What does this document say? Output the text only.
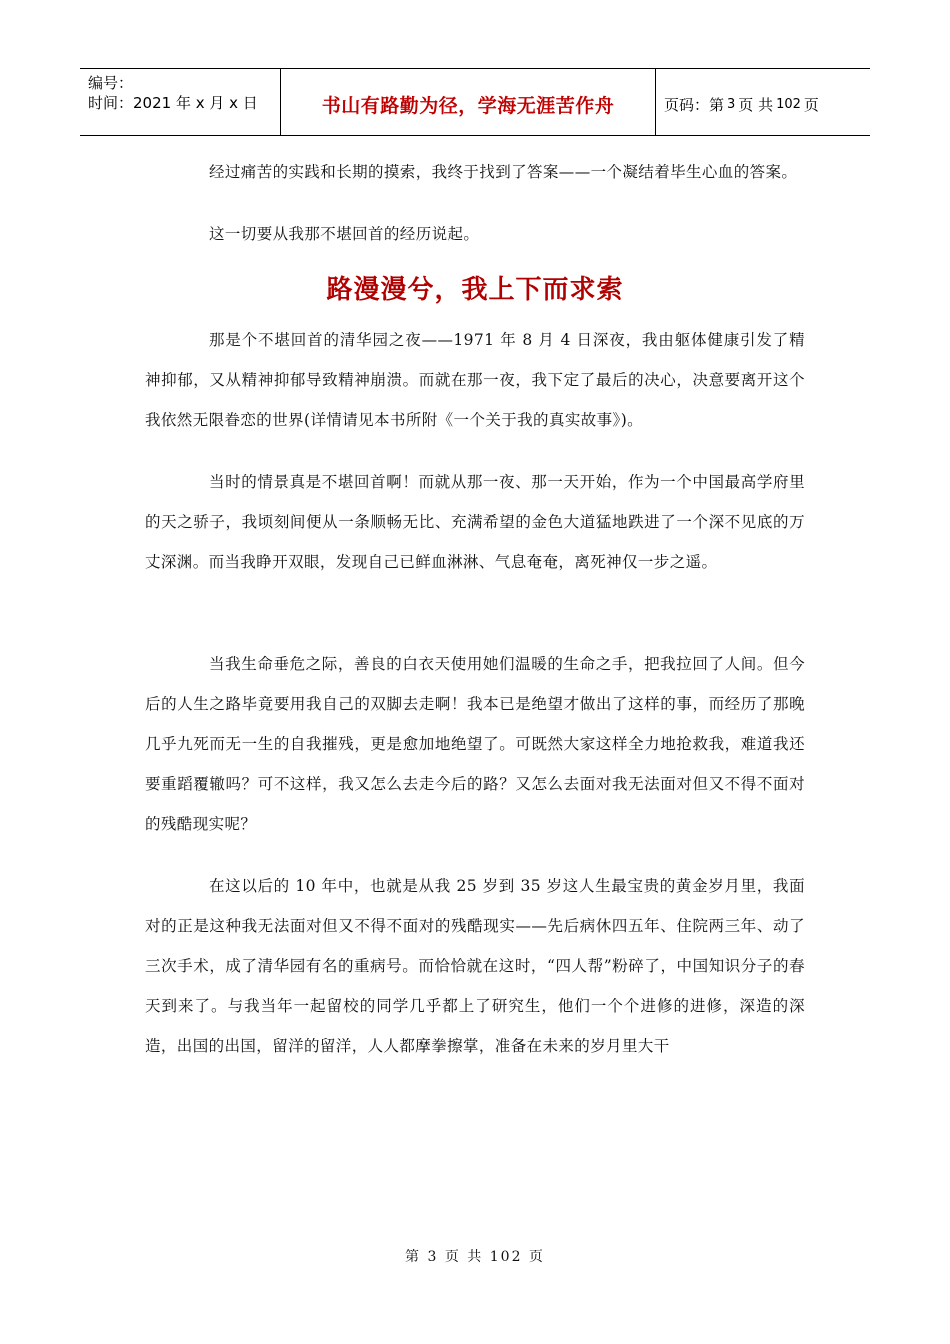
编号：
时间：2021 年 x 月 x 日	书山有路勤为径，学海无涯苦作舟	页码：第 3 页 共 102 页

经过痛苦的实践和长期的摸索，我终于找到了答案——一个凝结着毕生心血的答案。

这一切要从我那不堪回首的经历说起。

路漫漫兮，我上下而求索

那是个不堪回首的清华园之夜——1971 年 8 月 4 日深夜，我由躯体健康引发了精神抑郁，又从精神抑郁导致精神崩溃。而就在那一夜，我下定了最后的决心，决意要离开这个我依然无限眷恋的世界(详情请见本书所附《一个关于我的真实故事》)。

当时的情景真是不堪回首啊！而就从那一夜、那一天开始，作为一个中国最高学府里的天之骄子，我顷刻间便从一条顺畅无比、充满希望的金色大道猛地跌进了一个深不见底的万丈深渊。而当我睁开双眼，发现自己已鲜血淋淋、气息奄奄，离死神仅一步之遥。

当我生命垂危之际，善良的白衣天使用她们温暖的生命之手，把我拉回了人间。但今后的人生之路毕竟要用我自己的双脚去走啊！我本已是绝望才做出了这样的事，而经历了那晚几乎九死而无一生的自我摧残，更是愈加地绝望了。可既然大家这样全力地抢救我，难道我还要重蹈覆辙吗？可不这样，我又怎么去走今后的路？又怎么去面对我无法面对但又不得不面对的残酷现实呢？

在这以后的 10 年中，也就是从我 25 岁到 35 岁这人生最宝贵的黄金岁月里，我面对的正是这种我无法面对但又不得不面对的残酷现实——先后病休四五年、住院两三年、动了三次手术，成了清华园有名的重病号。而恰恰就在这时，“四人帮”粉碎了，中国知识分子的春天到来了。与我当年一起留校的同学几乎都上了研究生，他们一个个进修的进修，深造的深造，出国的出国，留洋的留洋，人人都摩拳擦掌，准备在未来的岁月里大干

第 3 页 共 102 页
